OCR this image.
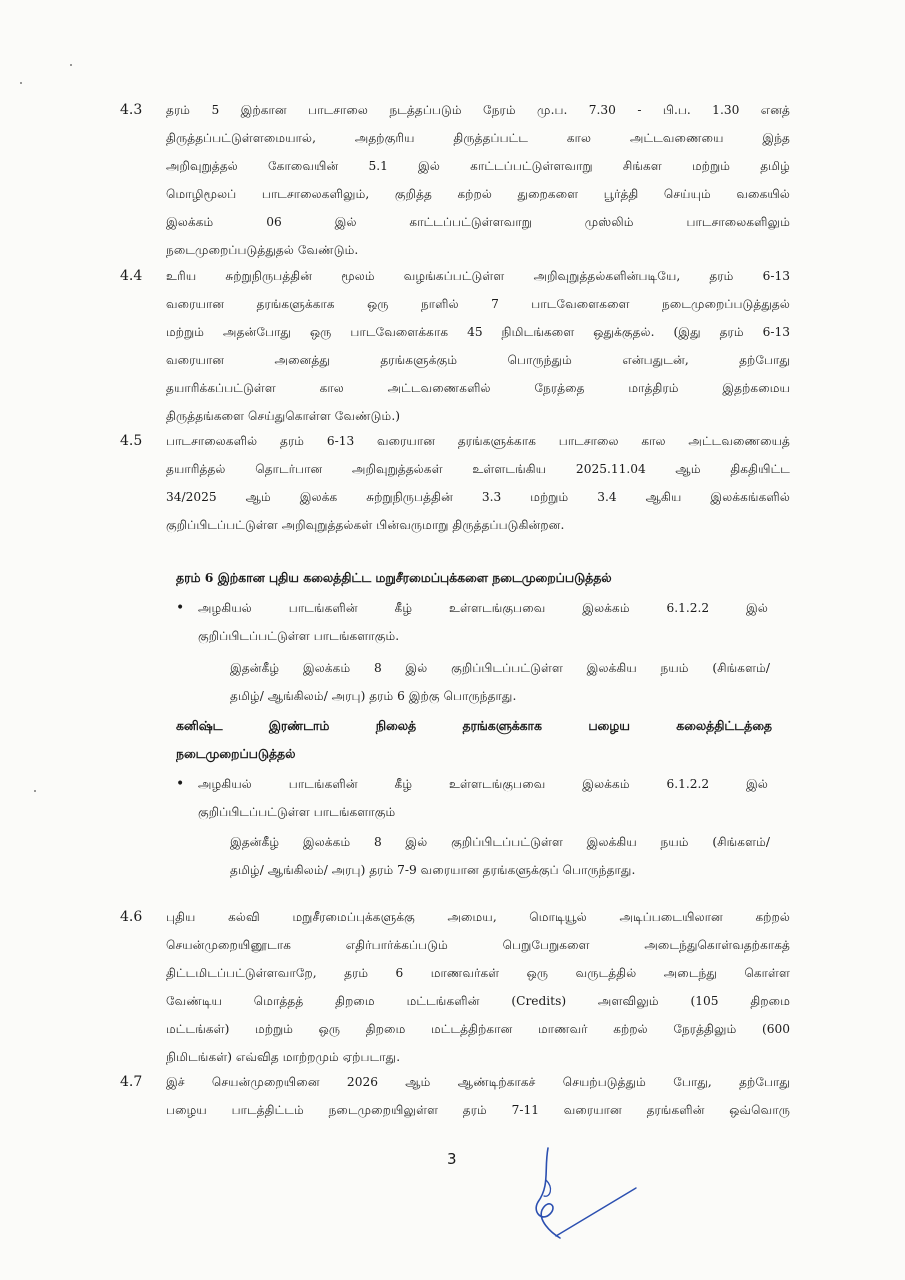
4.3 தரம் 5 இற்கான பாடசாலை நடத்தப்படும் நேரம் மு.ப. 7.30 - பி.ப. 1.30 எனத்
திருத்தப்பட்டுள்ளமையால், அதற்குரிய திருத்தப்பட்ட கால அட்டவணையை இந்த
அறிவுறுத்தல் கோவையின் 5.1 இல் காட்டப்பட்டுள்ளவாறு சிங்கள மற்றும் தமிழ்
மொழிமூலப் பாடசாலைகளிலும், குறித்த கற்றல் துறைகளை பூர்த்தி செய்யும் வகையில்
இலக்கம் 06 இல் காட்டப்பட்டுள்ளவாறு முஸ்லிம் பாடசாலைகளிலும்
நடைமுறைப்படுத்துதல் வேண்டும்.
4.4 உரிய சுற்றுநிருபத்தின் மூலம் வழங்கப்பட்டுள்ள அறிவுறுத்தல்களின்படியே, தரம் 6-13
வரையான தரங்களுக்காக ஒரு நாளில் 7 பாடவேளைகளை நடைமுறைப்படுத்துதல்
மற்றும் அதன்போது ஒரு பாடவேளைக்காக 45 நிமிடங்களை ஒதுக்குதல். (இது தரம் 6-13
வரையான அனைத்து தரங்களுக்கும் பொருந்தும் என்பதுடன், தற்போது
தயாரிக்கப்பட்டுள்ள கால அட்டவணைகளில் நேரத்தை மாத்திரம் இதற்கமைய
திருத்தங்களை செய்துகொள்ள வேண்டும்.)
4.5 பாடசாலைகளில் தரம் 6-13 வரையான தரங்களுக்காக பாடசாலை கால அட்டவணையைத்
தயாரித்தல் தொடர்பான அறிவுறுத்தல்கள் உள்ளடங்கிய 2025.11.04 ஆம் திகதியிட்ட
34/2025 ஆம் இலக்க சுற்றுநிருபத்தின் 3.3 மற்றும் 3.4 ஆகிய இலக்கங்களில்
குறிப்பிடப்பட்டுள்ள அறிவுறுத்தல்கள் பின்வருமாறு திருத்தப்படுகின்றன.
தரம் 6 இற்கான புதிய கலைத்திட்ட மறுசீரமைப்புக்களை நடைமுறைப்படுத்தல்
• அழகியல் பாடங்களின் கீழ் உள்ளடங்குபவை இலக்கம் 6.1.2.2 இல்
குறிப்பிடப்பட்டுள்ள பாடங்களாகும்.
இதன்கீழ் இலக்கம் 8 இல் குறிப்பிடப்பட்டுள்ள இலக்கிய நயம் (சிங்களம்/
தமிழ்/ ஆங்கிலம்/ அரபு) தரம் 6 இற்கு பொருந்தாது.
கனிஷ்ட இரண்டாம் நிலைத் தரங்களுக்காக பழைய கலைத்திட்டத்தை
நடைமுறைப்படுத்தல்
• அழகியல் பாடங்களின் கீழ் உள்ளடங்குபவை இலக்கம் 6.1.2.2 இல்
குறிப்பிடப்பட்டுள்ள பாடங்களாகும்
இதன்கீழ் இலக்கம் 8 இல் குறிப்பிடப்பட்டுள்ள இலக்கிய நயம் (சிங்களம்/
தமிழ்/ ஆங்கிலம்/ அரபு) தரம் 7-9 வரையான தரங்களுக்குப் பொருந்தாது.
4.6 புதிய கல்வி மறுசீரமைப்புக்களுக்கு அமைய, மொடியூல் அடிப்படையிலான கற்றல்
செயன்முறையினூடாக எதிர்பார்க்கப்படும் பெறுபேறுகளை அடைந்துகொள்வதற்காகத்
திட்டமிடப்பட்டுள்ளவாறே, தரம் 6 மாணவர்கள் ஒரு வருடத்தில் அடைந்து கொள்ள
வேண்டிய மொத்தத் திறமை மட்டங்களின் (Credits) அளவிலும் (105 திறமை
மட்டங்கள்) மற்றும் ஒரு திறமை மட்டத்திற்கான மாணவர் கற்றல் நேரத்திலும் (600
நிமிடங்கள்) எவ்வித மாற்றமும் ஏற்படாது.
4.7 இச் செயன்முறையினை 2026 ஆம் ஆண்டிற்காகச் செயற்படுத்தும் போது, தற்போது
பழைய பாடத்திட்டம் நடைமுறையிலுள்ள தரம் 7-11 வரையான தரங்களின் ஒவ்வொரு
3
